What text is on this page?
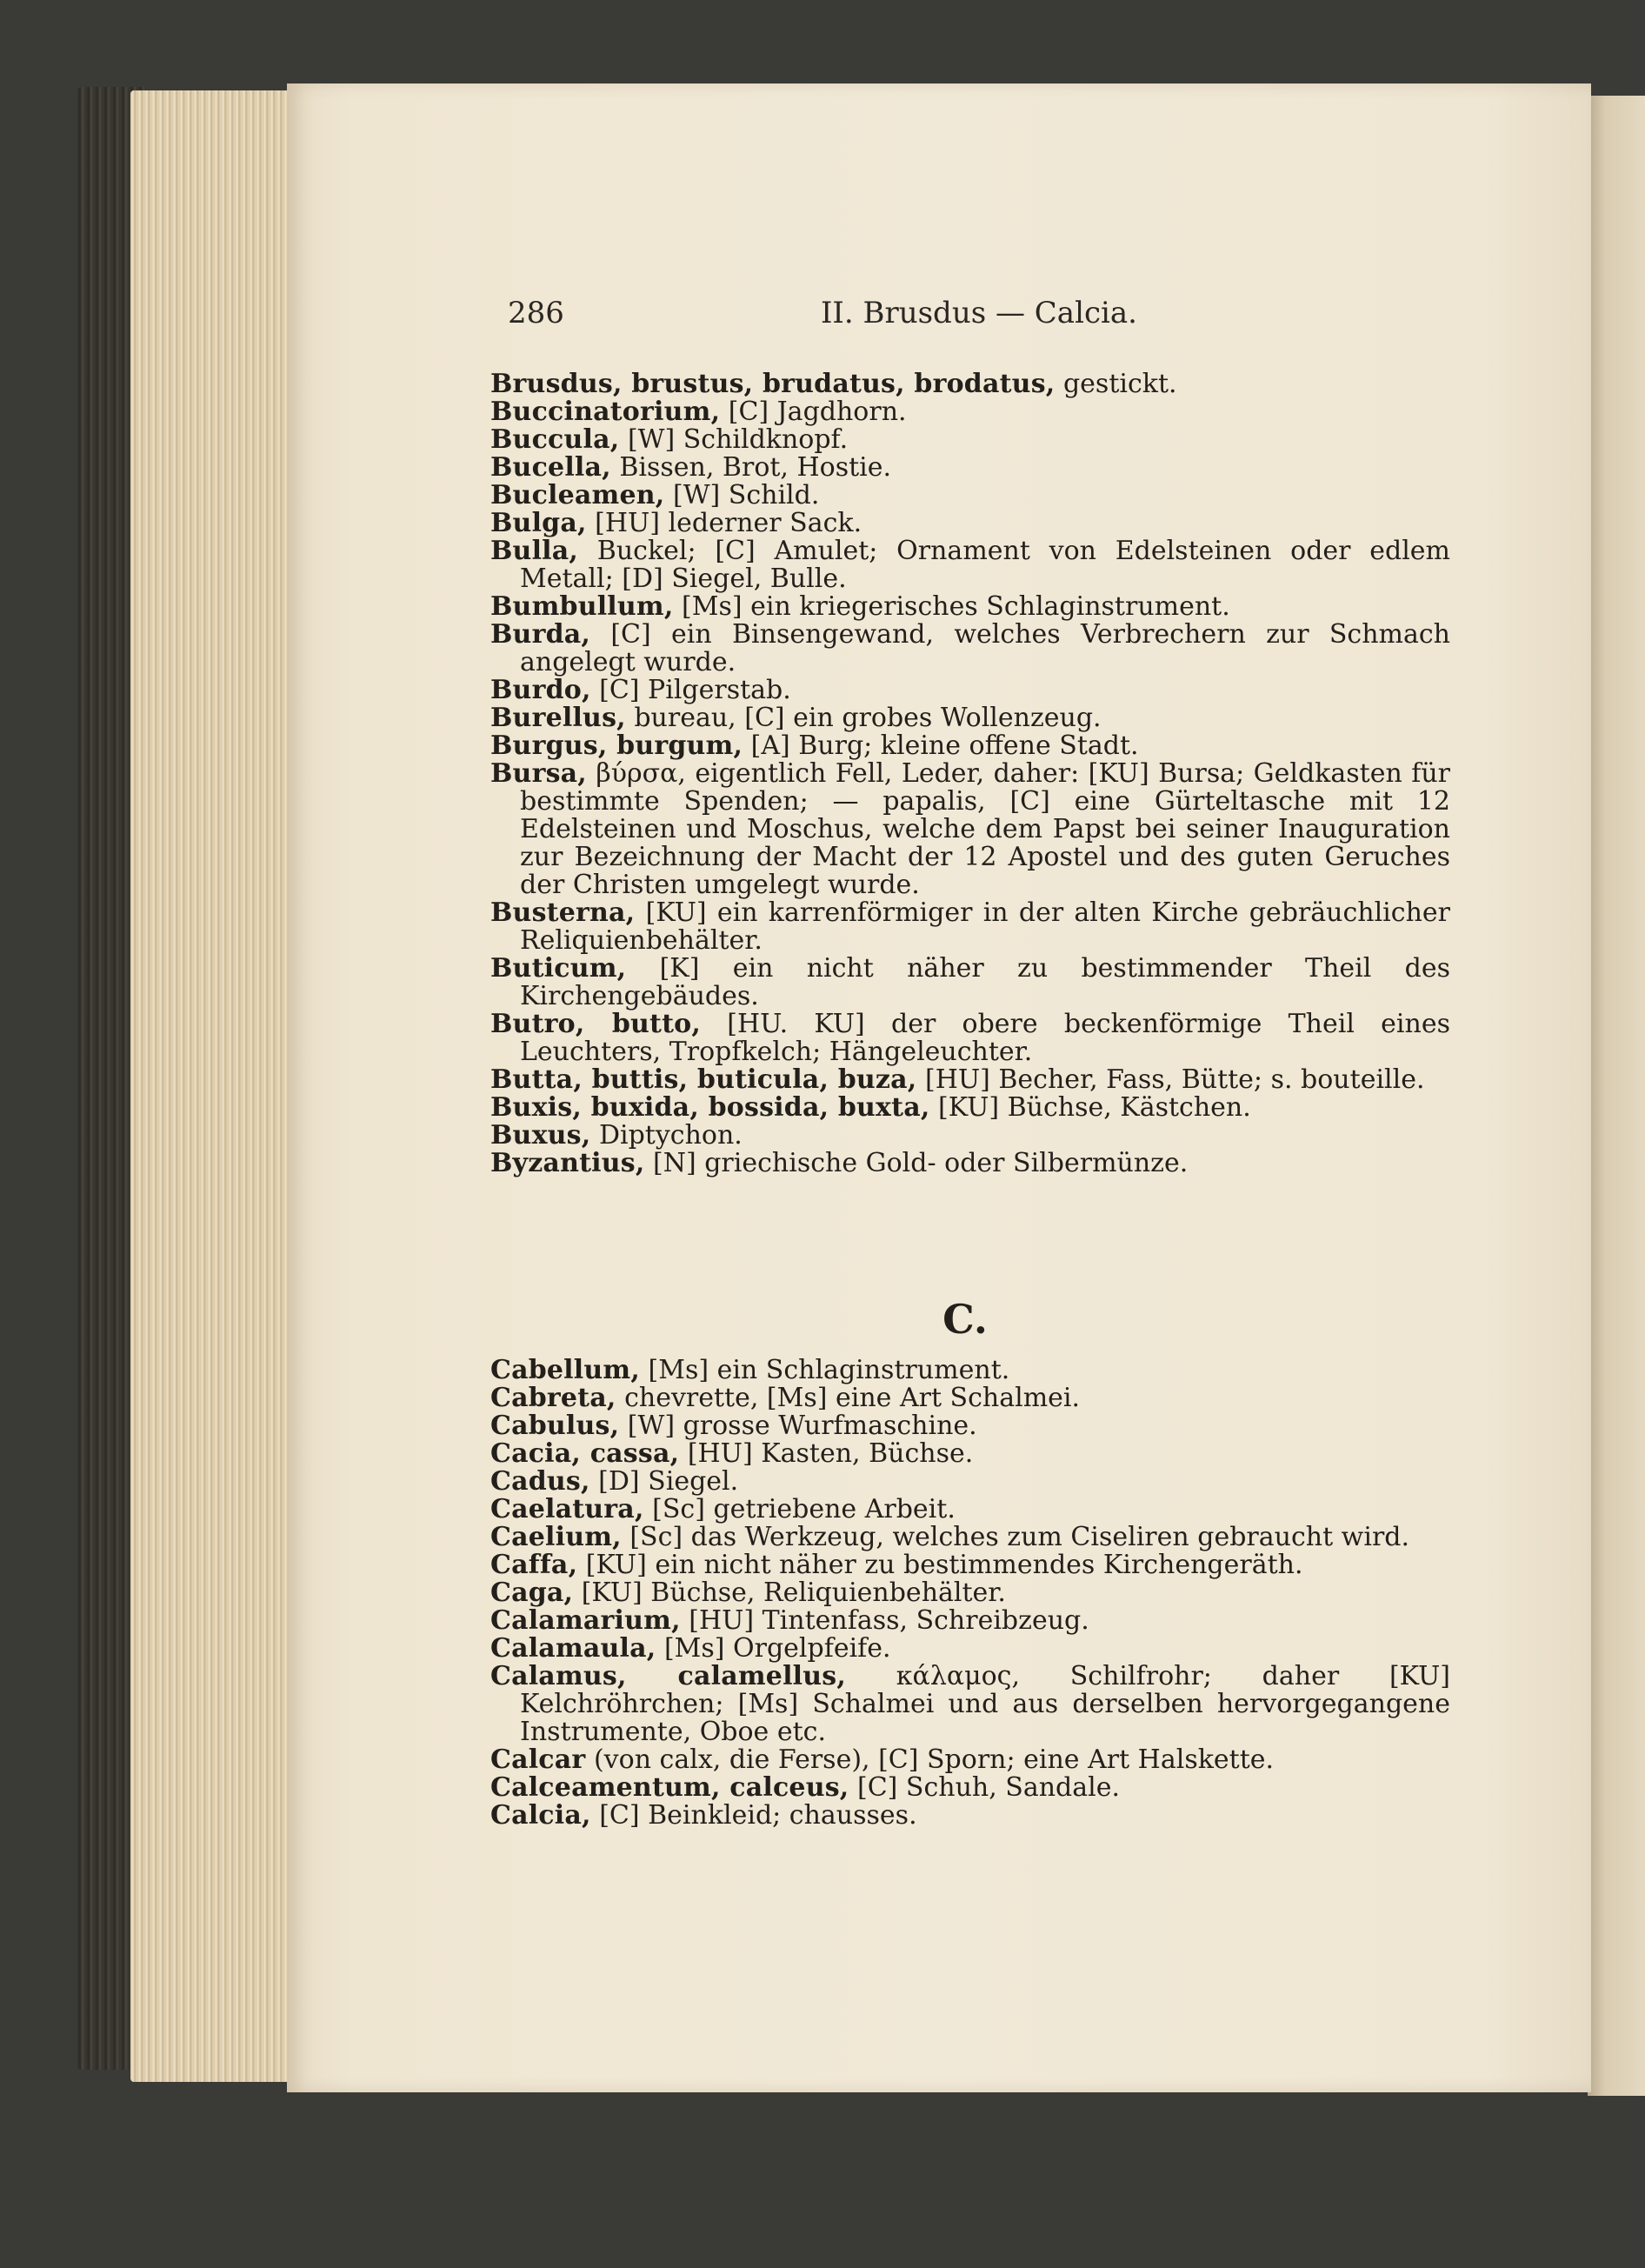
286	II. Brusdus — Calcia.

Brusdus, brustus, brudatus, brodatus, gestickt.

Buccinatorium, [C] Jagdhorn.

Buccula, [W] Schildknopf.

Bucella, Bissen, Brot, Hostie.

Bucleamen, [W] Schild.

Bulga, [HU] lederner Sack.

Bulla, Buckel; [C] Amulet; Ornament von Edelsteinen oder edlem Metall; [D] Siegel, Bulle.

Bumbullum, [Ms] ein kriegerisches Schlaginstrument.

Burda, [C] ein Binsengewand, welches Verbrechern zur Schmach angelegt wurde.

Burdo, [C] Pilgerstab.

Burellus, bureau, [C] ein grobes Wollenzeug.

Burgus, burgum, [A] Burg; kleine offene Stadt.

Bursa, βύρσα, eigentlich Fell, Leder, daher: [KU] Bursa; Geldkasten für bestimmte Spenden; — papalis, [C] eine Gürteltasche mit 12 Edelsteinen und Moschus, welche dem Papst bei seiner Inauguration zur Bezeichnung der Macht der 12 Apostel und des guten Geruches der Christen umgelegt wurde.

Busterna, [KU] ein karrenförmiger in der alten Kirche gebräuchlicher Reliquienbehälter.

Buticum, [K] ein nicht näher zu bestimmender Theil des Kirchengebäudes.

Butro, butto, [HU. KU] der obere beckenförmige Theil eines Leuchters, Tropfkelch; Hängeleuchter.

Butta, buttis, buticula, buza, [HU] Becher, Fass, Bütte; s. bouteille.

Buxis, buxida, bossida, buxta, [KU] Büchse, Kästchen.

Buxus, Diptychon.

Byzantius, [N] griechische Gold- oder Silbermünze.

C.

Cabellum, [Ms] ein Schlaginstrument.

Cabreta, chevrette, [Ms] eine Art Schalmei.

Cabulus, [W] grosse Wurfmaschine.

Cacia, cassa, [HU] Kasten, Büchse.

Cadus, [D] Siegel.

Caelatura, [Sc] getriebene Arbeit.

Caelium, [Sc] das Werkzeug, welches zum Ciseliren gebraucht wird.

Caffa, [KU] ein nicht näher zu bestimmendes Kirchengeräth.

Caga, [KU] Büchse, Reliquienbehälter.

Calamarium, [HU] Tintenfass, Schreibzeug.

Calamaula, [Ms] Orgelpfeife.

Calamus, calamellus, κάλαμος, Schilfrohr; daher [KU] Kelchröhrchen; [Ms] Schalmei und aus derselben hervorgegangene Instrumente, Oboe etc.

Calcar (von calx, die Ferse), [C] Sporn; eine Art Halskette.

Calceamentum, calceus, [C] Schuh, Sandale.

Calcia, [C] Beinkleid; chausses.
